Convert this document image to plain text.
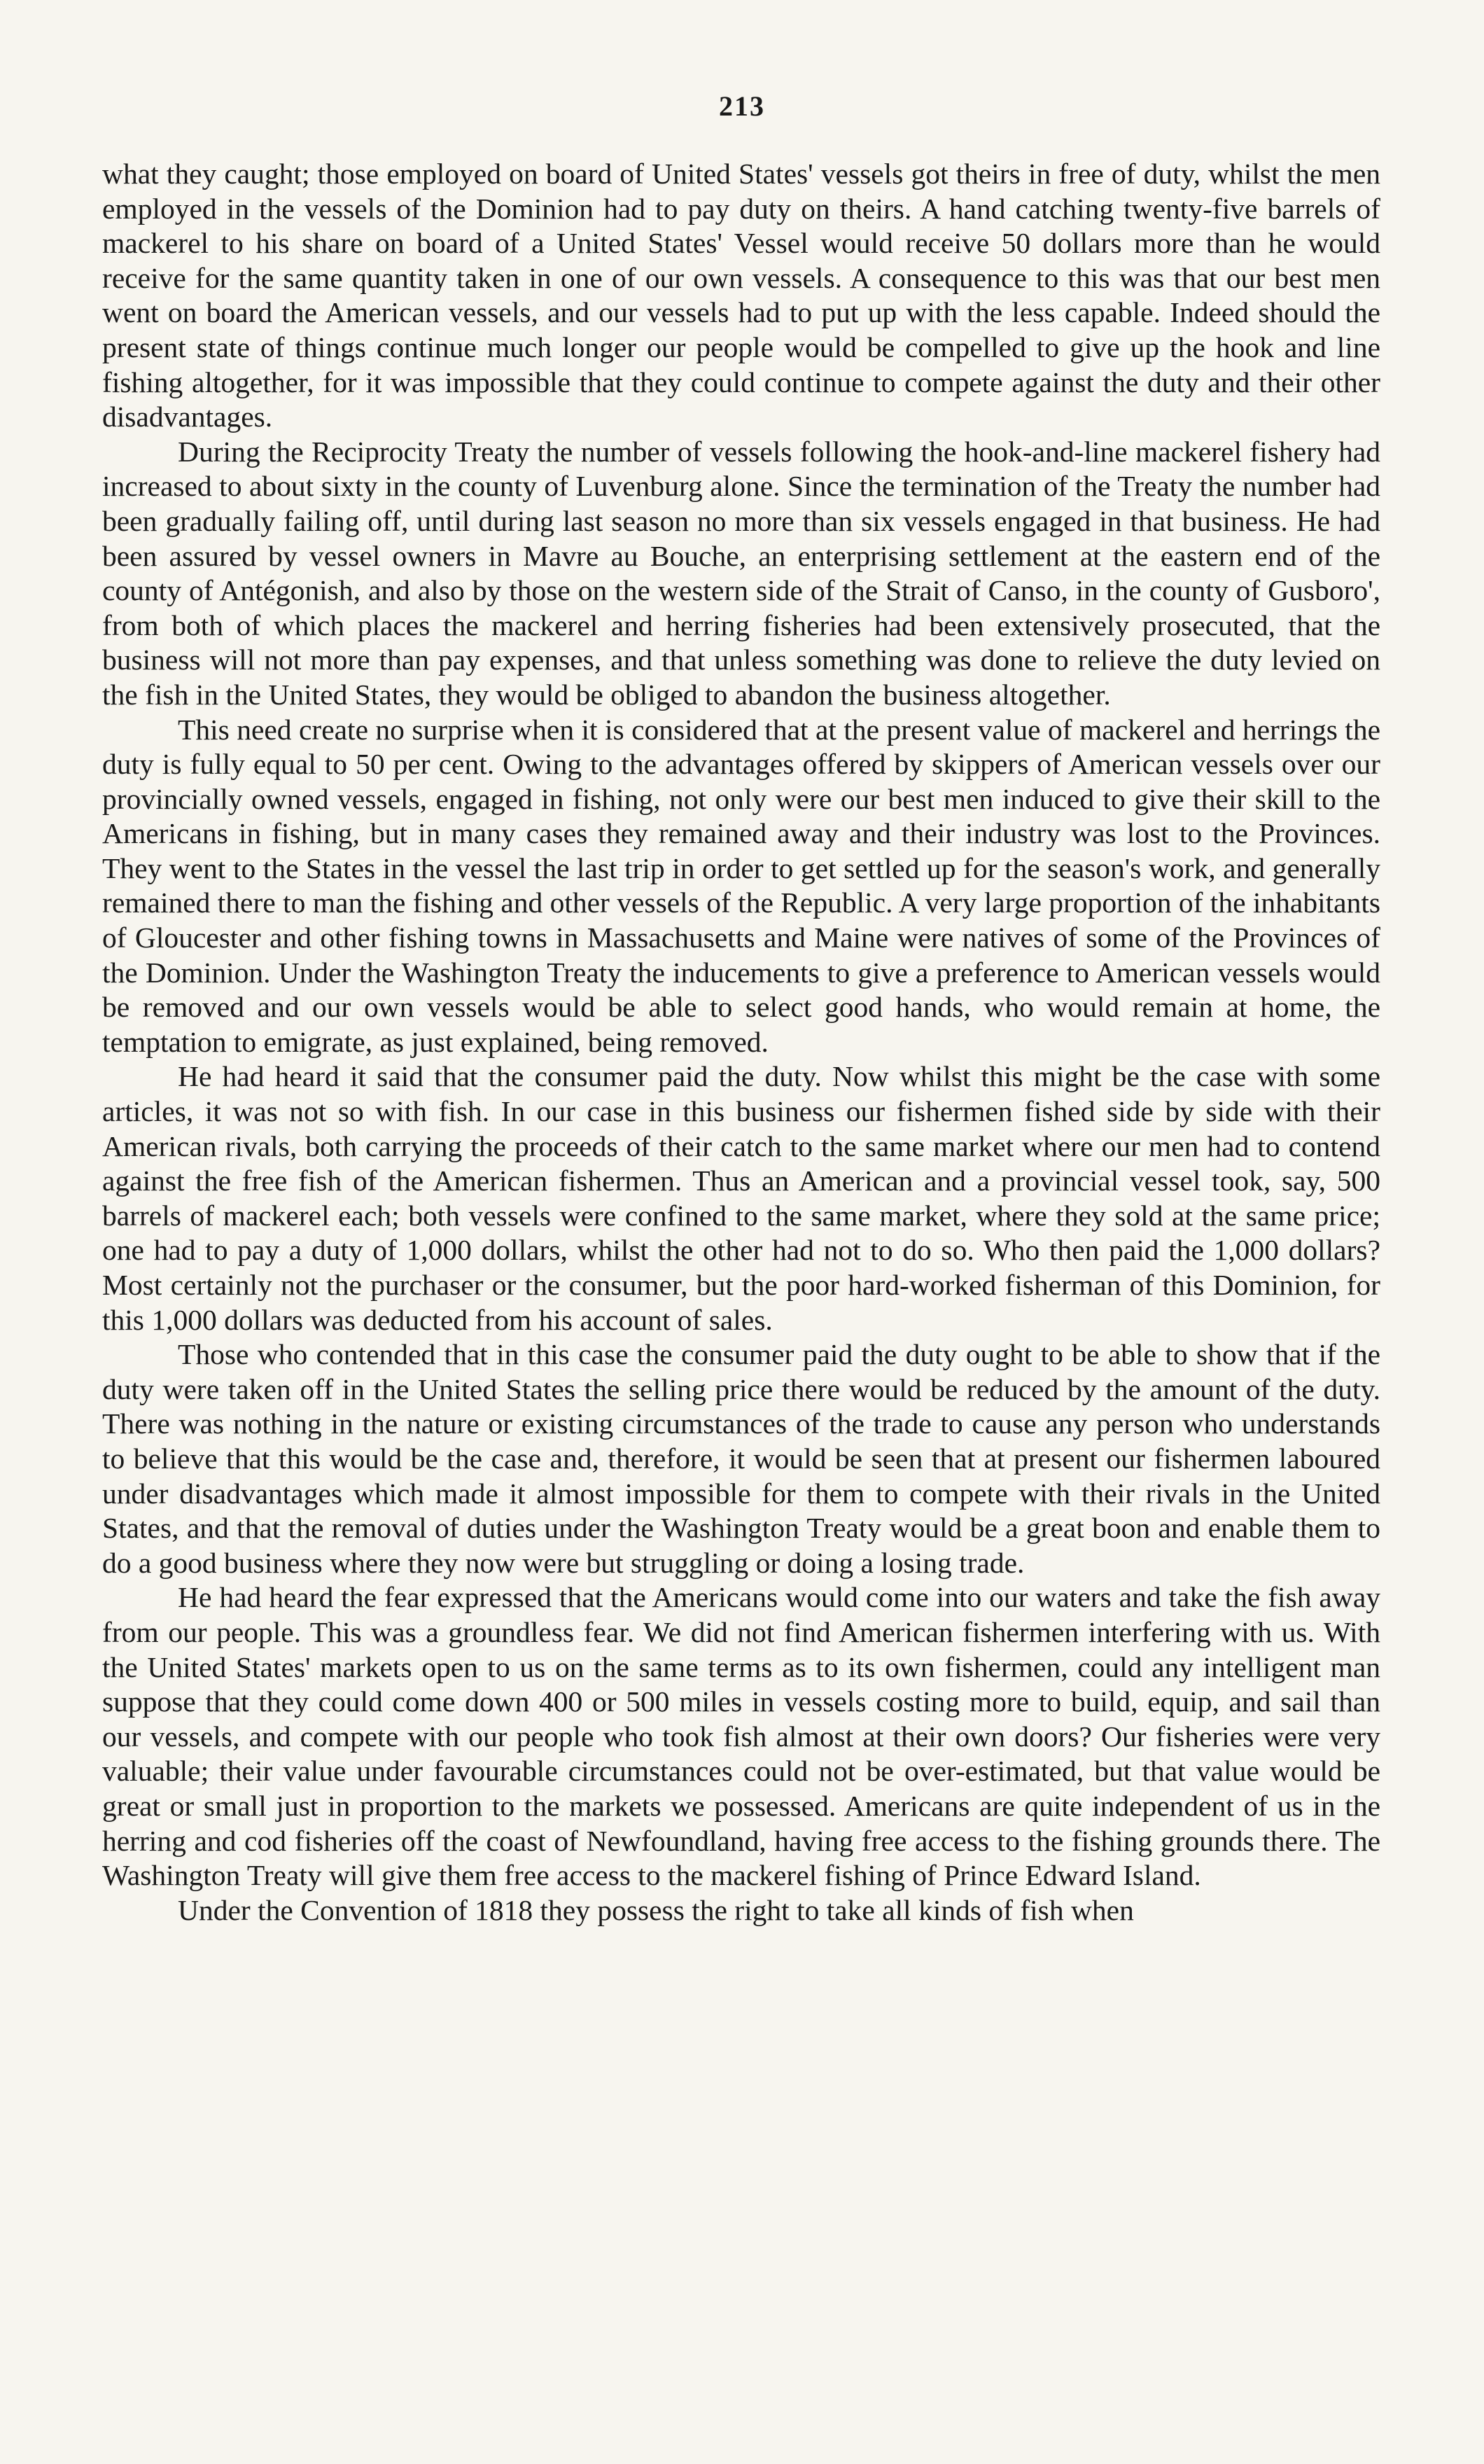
213

what they caught; those employed on board of United States' vessels got theirs in free of duty, whilst the men employed in the vessels of the Dominion had to pay duty on theirs. A hand catching twenty-five barrels of mackerel to his share on board of a United States' Vessel would receive 50 dollars more than he would receive for the same quantity taken in one of our own vessels. A consequence to this was that our best men went on board the American vessels, and our vessels had to put up with the less capable. Indeed should the present state of things continue much longer our people would be compelled to give up the hook and line fishing altogether, for it was impossible that they could continue to compete against the duty and their other disadvantages.

During the Reciprocity Treaty the number of vessels following the hook-and-line mackerel fishery had increased to about sixty in the county of Luvenburg alone. Since the termination of the Treaty the number had been gradually failing off, until during last season no more than six vessels engaged in that business. He had been assured by vessel owners in Mavre au Bouche, an enterprising settlement at the eastern end of the county of Antégonish, and also by those on the western side of the Strait of Canso, in the county of Gusboro', from both of which places the mackerel and herring fisheries had been extensively prosecuted, that the business will not more than pay expenses, and that unless something was done to relieve the duty levied on the fish in the United States, they would be obliged to abandon the business altogether.

This need create no surprise when it is considered that at the present value of mackerel and herrings the duty is fully equal to 50 per cent. Owing to the advantages offered by skippers of American vessels over our provincially owned vessels, engaged in fishing, not only were our best men induced to give their skill to the Americans in fishing, but in many cases they remained away and their industry was lost to the Provinces. They went to the States in the vessel the last trip in order to get settled up for the season's work, and generally remained there to man the fishing and other vessels of the Republic. A very large proportion of the inhabitants of Gloucester and other fishing towns in Massachusetts and Maine were natives of some of the Provinces of the Dominion. Under the Washington Treaty the inducements to give a preference to American vessels would be removed and our own vessels would be able to select good hands, who would remain at home, the temptation to emigrate, as just explained, being removed.

He had heard it said that the consumer paid the duty. Now whilst this might be the case with some articles, it was not so with fish. In our case in this business our fishermen fished side by side with their American rivals, both carrying the proceeds of their catch to the same market where our men had to contend against the free fish of the American fishermen. Thus an American and a provincial vessel took, say, 500 barrels of mackerel each; both vessels were confined to the same market, where they sold at the same price; one had to pay a duty of 1,000 dollars, whilst the other had not to do so. Who then paid the 1,000 dollars? Most certainly not the purchaser or the consumer, but the poor hard-worked fisherman of this Dominion, for this 1,000 dollars was deducted from his account of sales.

Those who contended that in this case the consumer paid the duty ought to be able to show that if the duty were taken off in the United States the selling price there would be reduced by the amount of the duty. There was nothing in the nature or existing circumstances of the trade to cause any person who understands to believe that this would be the case and, therefore, it would be seen that at present our fishermen laboured under disadvantages which made it almost impossible for them to compete with their rivals in the United States, and that the removal of duties under the Washington Treaty would be a great boon and enable them to do a good business where they now were but struggling or doing a losing trade.

He had heard the fear expressed that the Americans would come into our waters and take the fish away from our people. This was a groundless fear. We did not find American fishermen interfering with us. With the United States' markets open to us on the same terms as to its own fishermen, could any intelligent man suppose that they could come down 400 or 500 miles in vessels costing more to build, equip, and sail than our vessels, and compete with our people who took fish almost at their own doors? Our fisheries were very valuable; their value under favourable circumstances could not be over-estimated, but that value would be great or small just in proportion to the markets we possessed. Americans are quite independent of us in the herring and cod fisheries off the coast of Newfoundland, having free access to the fishing grounds there. The Washington Treaty will give them free access to the mackerel fishing of Prince Edward Island.

Under the Convention of 1818 they possess the right to take all kinds of fish when
